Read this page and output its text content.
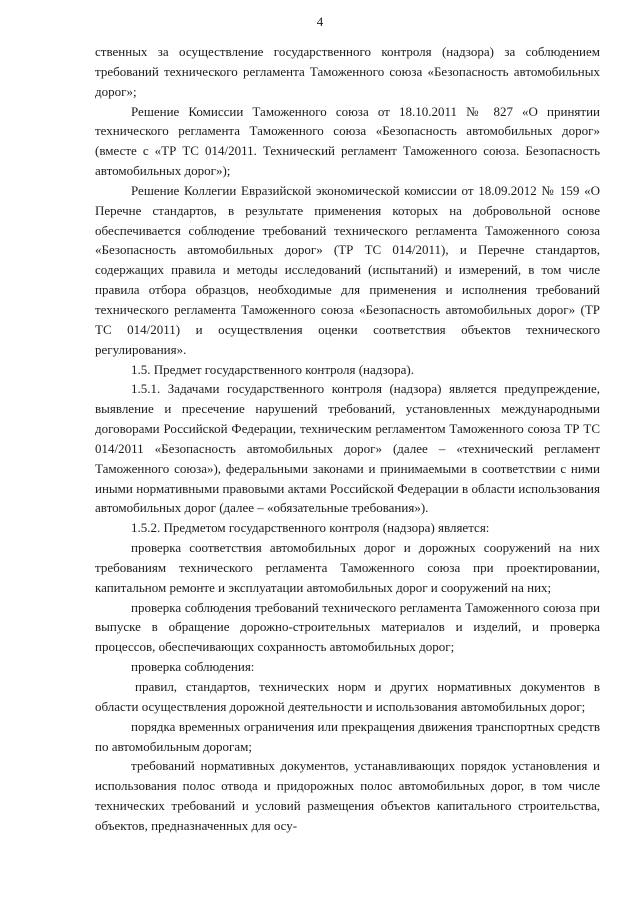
4

ственных за осуществление государственного контроля (надзора) за соблюдением требований технического регламента Таможенного союза «Безопасность автомобильных дорог»;

Решение Комиссии Таможенного союза от 18.10.2011 № 827 «О принятии технического регламента Таможенного союза «Безопасность автомобильных дорог» (вместе с «ТР ТС 014/2011. Технический регламент Таможенного союза. Безопасность автомобильных дорог»);

Решение Коллегии Евразийской экономической комиссии от 18.09.2012 № 159 «О Перечне стандартов, в результате применения которых на добровольной основе обеспечивается соблюдение требований технического регламента Таможенного союза «Безопасность автомобильных дорог» (ТР ТС 014/2011), и Перечне стандартов, содержащих правила и методы исследований (испытаний) и измерений, в том числе правила отбора образцов, необходимые для применения и исполнения требований технического регламента Таможенного союза «Безопасность автомобильных дорог» (ТР ТС 014/2011) и осуществления оценки соответствия объектов технического регулирования».

1.5. Предмет государственного контроля (надзора).

1.5.1. Задачами государственного контроля (надзора) является предупреждение, выявление и пресечение нарушений требований, установленных международными договорами Российской Федерации, техническим регламентом Таможенного союза ТР ТС 014/2011 «Безопасность автомобильных дорог» (далее – «технический регламент Таможенного союза»), федеральными законами и принимаемыми в соответствии с ними иными нормативными правовыми актами Российской Федерации в области использования автомобильных дорог (далее – «обязательные требования»).

1.5.2. Предметом государственного контроля (надзора) является:

проверка соответствия автомобильных дорог и дорожных сооружений на них требованиям технического регламента Таможенного союза при проектировании, капитальном ремонте и эксплуатации автомобильных дорог и сооружений на них;

проверка соблюдения требований технического регламента Таможенного союза при выпуске в обращение дорожно-строительных материалов и изделий, и проверка процессов, обеспечивающих сохранность автомобильных дорог;

проверка соблюдения:

правил, стандартов, технических норм и других нормативных документов в области осуществления дорожной деятельности и использования автомобильных дорог;

порядка временных ограничения или прекращения движения транспортных средств по автомобильным дорогам;

требований нормативных документов, устанавливающих порядок установления и использования полос отвода и придорожных полос автомобильных дорог, в том числе технических требований и условий размещения объектов капитального строительства, объектов, предназначенных для осу-
